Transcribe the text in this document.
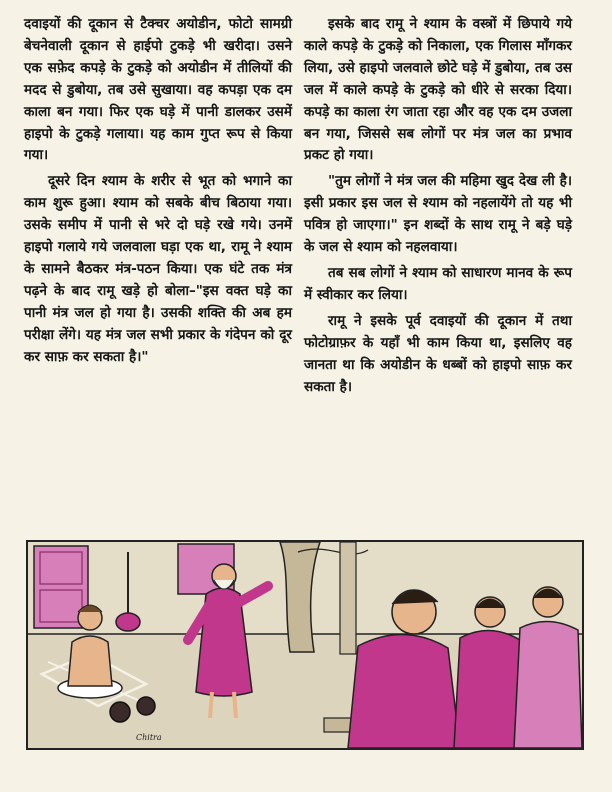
दवाइयों की दूकान से टैक्चर अयोडीन, फोटो सामग्री बेचनेवाली दूकान से हाईपो टुकड़े भी खरीदा। उसने एक सफ़ेद कपड़े के टुकड़े को अयोडीन में तीलियों की मदद से डुबोया, तब उसे सुखाया। वह कपड़ा एक दम काला बन गया। फिर एक घड़े में पानी डालकर उसमें हाइपो के टुकड़े गलाया। यह काम गुप्त रूप से किया गया।

दूसरे दिन श्याम के शरीर से भूत को भगाने का काम शुरू हुआ। श्याम को सबके बीच बिठाया गया। उसके समीप में पानी से भरे दो घड़े रखे गये। उनमें हाइपो गलाये गये जलवाला घड़ा एक था, रामू ने श्याम के सामने बैठकर मंत्र-पठन किया। एक घंटे तक मंत्र पढ़ने के बाद रामू खड़े हो बोला–"इस वक्त घड़े का पानी मंत्र जल हो गया है। उसकी शक्ति की अब हम परीक्षा लेंगे। यह मंत्र जल सभी प्रकार के गंदेपन को दूर कर साफ़ कर सकता है।"

इसके बाद रामू ने श्याम के वस्त्रों में छिपाये गये काले कपड़े के टुकड़े को निकाला, एक गिलास माँगकर लिया, उसे हाइपो जलवाले छोटे घड़े में डुबोया, तब उस जल में काले कपड़े के टुकड़े को धीरे से सरका दिया। कपड़े का काला रंग जाता रहा और वह एक दम उजला बन गया, जिससे सब लोगों पर मंत्र जल का प्रभाव प्रकट हो गया।

"तुम लोगों ने मंत्र जल की महिमा खुद देख ली है। इसी प्रकार इस जल से श्याम को नहलायेंगे तो यह भी पवित्र हो जाएगा।" इन शब्दों के साथ रामू ने बड़े घड़े के जल से श्याम को नहलवाया।

तब सब लोगों ने श्याम को साधारण मानव के रूप में स्वीकार कर लिया।

रामू ने इसके पूर्व दवाइयों की दूकान में तथा फोटोग्राफ़र के यहाँ भी काम किया था, इसलिए वह जानता था कि अयोडीन के धब्बों को हाइपो साफ़ कर सकता है।

Chitra
